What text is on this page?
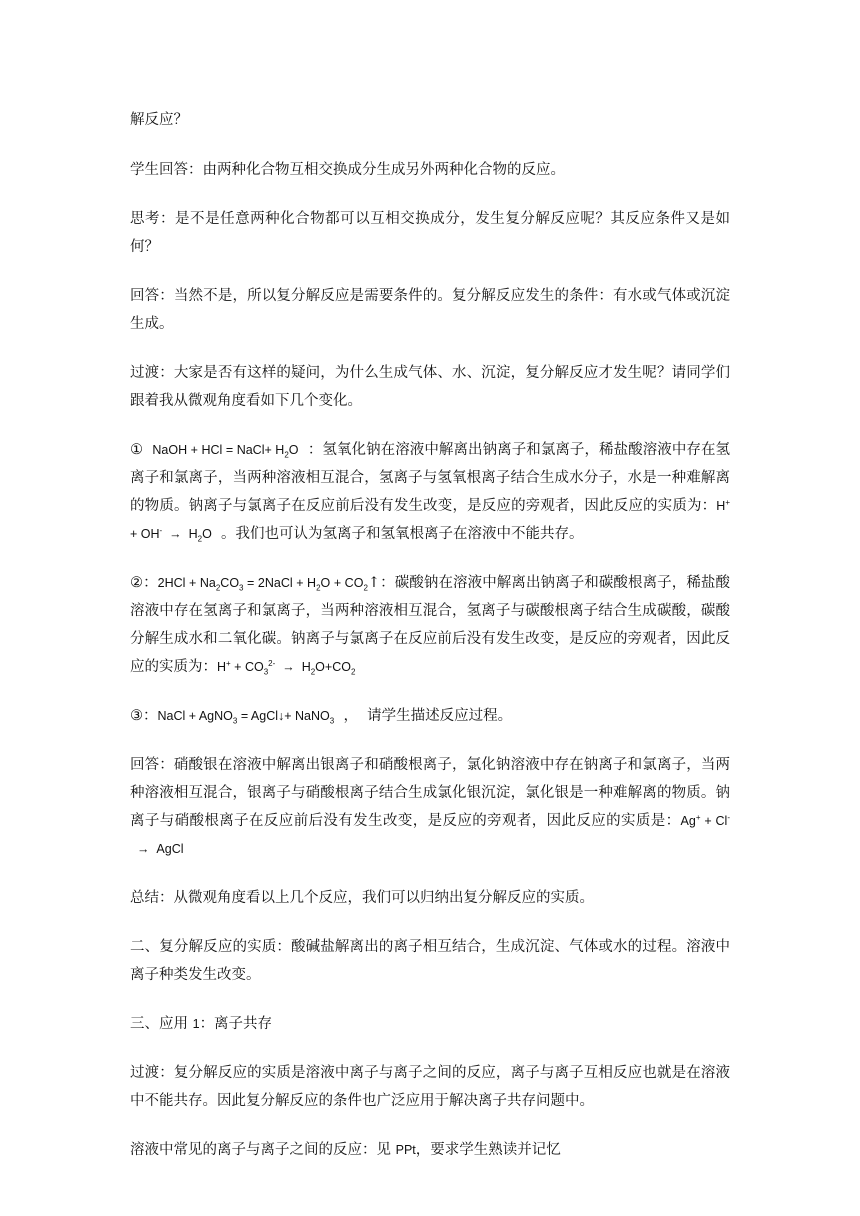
解反应？

学生回答：由两种化合物互相交换成分生成另外两种化合物的反应。

思考：是不是任意两种化合物都可以互相交换成分，发生复分解反应呢？其反应条件又是如何？

回答：当然不是，所以复分解反应是需要条件的。复分解反应发生的条件：有水或气体或沉淀生成。

过渡：大家是否有这样的疑问，为什么生成气体、水、沉淀，复分解反应才发生呢？请同学们跟着我从微观角度看如下几个变化。

① NaOH + HCl = NaCl+ $H_2O$ ：氢氧化钠在溶液中解离出钠离子和氯离子，稀盐酸溶液中存在氢离子和氯离子，当两种溶液相互混合，氢离子与氢氧根离子结合生成水分子，水是一种难解离的物质。钠离子与氯离子在反应前后没有发生改变，是反应的旁观者，因此反应的实质为：$H^+ + OH^- \to H_2O$ 。我们也可认为氢离子和氢氧根离子在溶液中不能共存。

②：$2HCl + Na_2CO_3$ = 2NaCl + $H_2O$ + $CO_2↑$：碳酸钠在溶液中解离出钠离子和碳酸根离子，稀盐酸溶液中存在氢离子和氯离子，当两种溶液相互混合，氢离子与碳酸根离子结合生成碳酸，碳酸分解生成水和二氧化碳。钠离子与氯离子在反应前后没有发生改变，是反应的旁观者，因此反应的实质为：$H^+ + CO_3^{2-} \to H_2O+CO_2$

③：NaCl + AgNO$_3$ = AgCl↓+ NaNO$_3$ ， 请学生描述反应过程。

回答：硝酸银在溶液中解离出银离子和硝酸根离子，氯化钠溶液中存在钠离子和氯离子，当两种溶液相互混合，银离子与硝酸根离子结合生成氯化银沉淀，氯化银是一种难解离的物质。钠离子与硝酸根离子在反应前后没有发生改变，是反应的旁观者，因此反应的实质是：Ag+ + Cl-  → AgCl

总结：从微观角度看以上几个反应，我们可以归纳出复分解反应的实质。

二、复分解反应的实质：酸碱盐解离出的离子相互结合，生成沉淀、气体或水的过程。溶液中离子种类发生改变。

三、应用 1：离子共存

过渡：复分解反应的实质是溶液中离子与离子之间的反应，离子与离子互相反应也就是在溶液中不能共存。因此复分解反应的条件也广泛应用于解决离子共存问题中。

溶液中常见的离子与离子之间的反应：见 PPt，要求学生熟读并记忆
